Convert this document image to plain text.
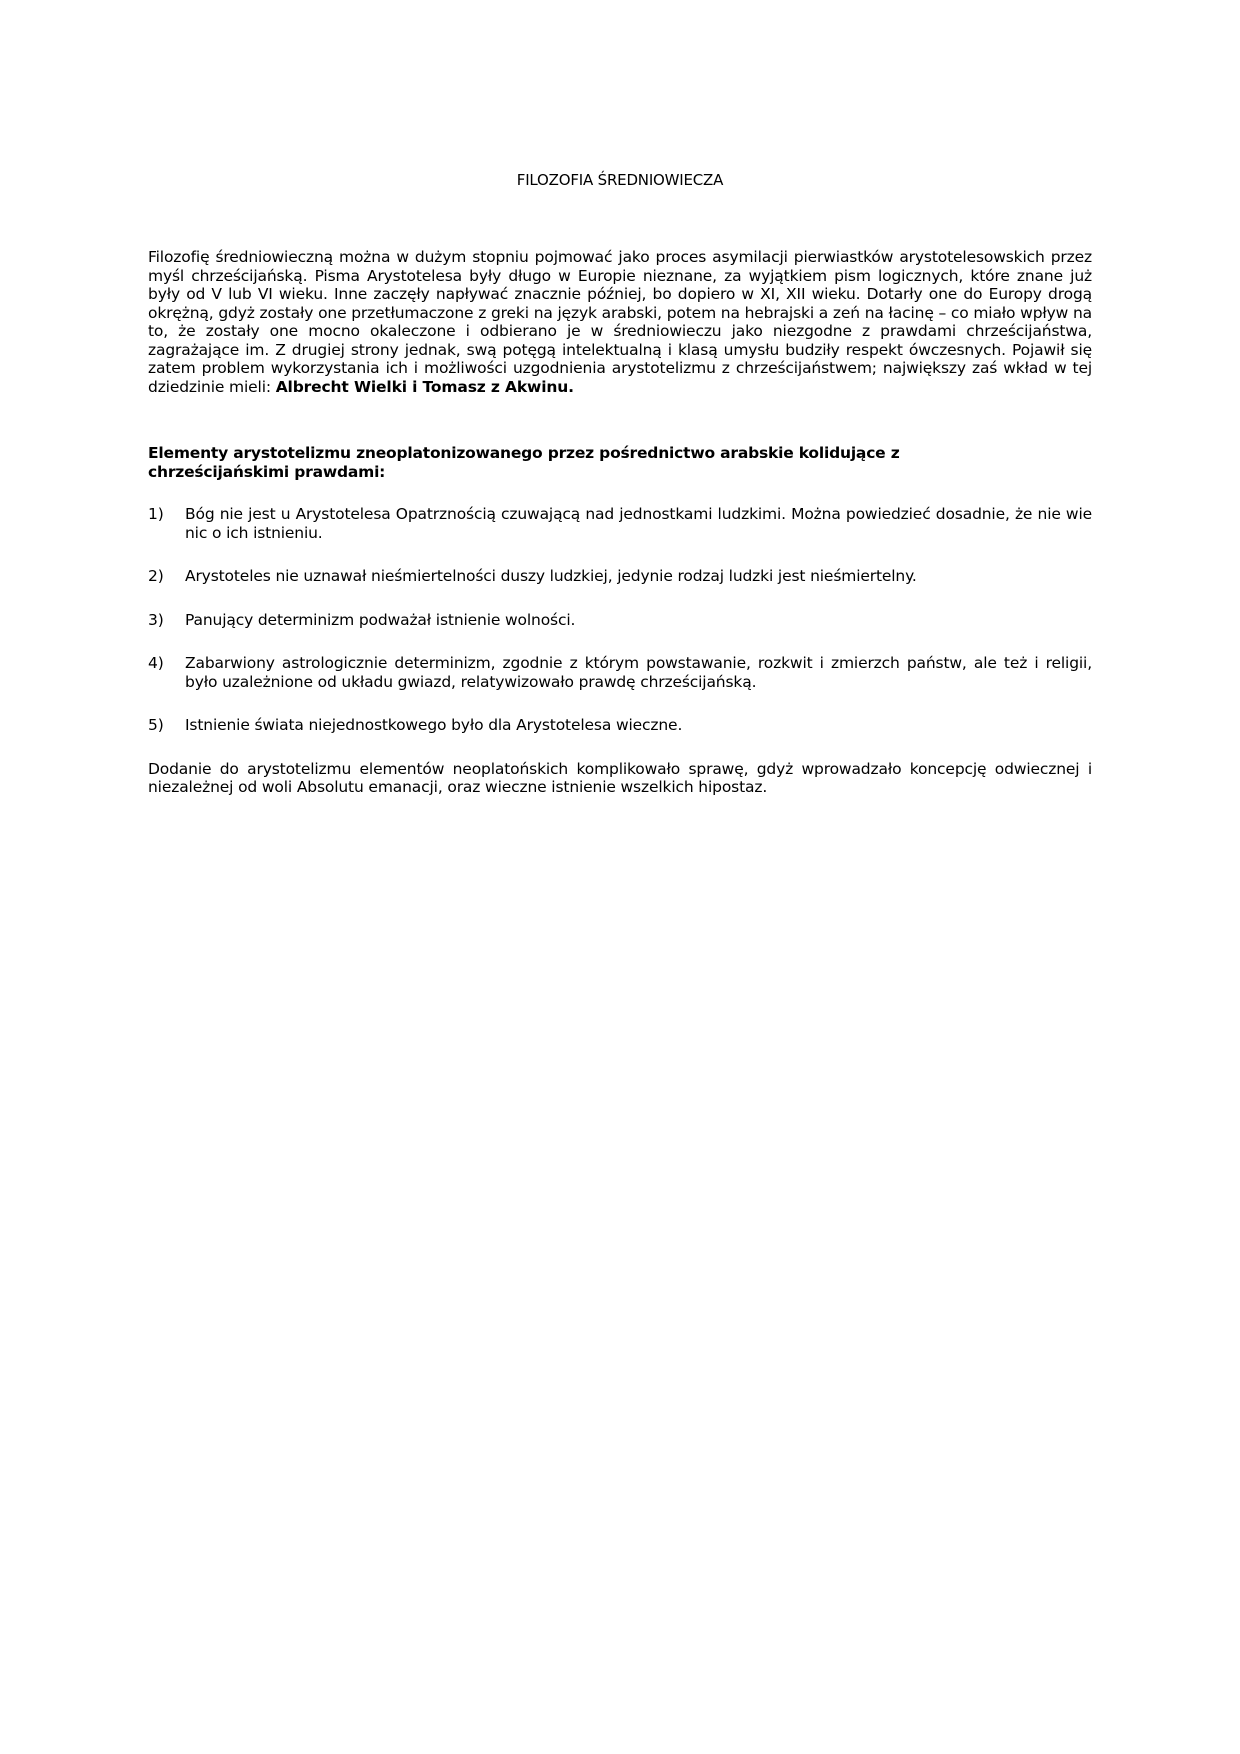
FILOZOFIA ŚREDNIOWIECZA

Filozofię średniowieczną można w dużym stopniu pojmować jako proces asymilacji pierwiastków arystotelesowskich przez myśl chrześcijańską. Pisma Arystotelesa były długo w Europie nieznane, za wyjątkiem pism logicznych, które znane już były od V lub VI wieku. Inne zaczęły napływać znacznie później, bo dopiero w XI, XII wieku. Dotarły one do Europy drogą okrężną, gdyż zostały one przetłumaczone z greki na język arabski, potem na hebrajski a zeń na łacinę – co miało wpływ na to, że zostały one mocno okaleczone i odbierano je w średniowieczu jako niezgodne z prawdami chrześcijaństwa, zagrażające im. Z drugiej strony jednak, swą potęgą intelektualną i klasą umysłu budziły respekt ówczesnych. Pojawił się zatem problem wykorzystania ich i możliwości uzgodnienia arystotelizmu z chrześcijaństwem; największy zaś wkład w tej dziedzinie mieli: Albrecht Wielki i Tomasz z Akwinu.

Elementy arystotelizmu zneoplatonizowanego przez pośrednictwo arabskie kolidujące z chrześcijańskimi prawdami:
1)	Bóg nie jest u Arystotelesa Opatrznością czuwającą nad jednostkami ludzkimi. Można powiedzieć dosadnie, że nie wie nic o ich istnieniu.
2)	Arystoteles nie uznawał nieśmiertelności duszy ludzkiej, jedynie rodzaj ludzki jest nieśmiertelny.
3)	Panujący determinizm podważał istnienie wolności.
4)	Zabarwiony astrologicznie determinizm, zgodnie z którym powstawanie, rozkwit i zmierzch państw, ale też i religii, było uzależnione od układu gwiazd, relatywizowało prawdę chrześcijańską.
5)	Istnienie świata niejednostkowego było dla Arystotelesa wieczne.

Dodanie do arystotelizmu elementów neoplatońskich komplikowało sprawę, gdyż wprowadzało koncepcję odwiecznej i niezależnej od woli Absolutu emanacji, oraz wieczne istnienie wszelkich hipostaz.
